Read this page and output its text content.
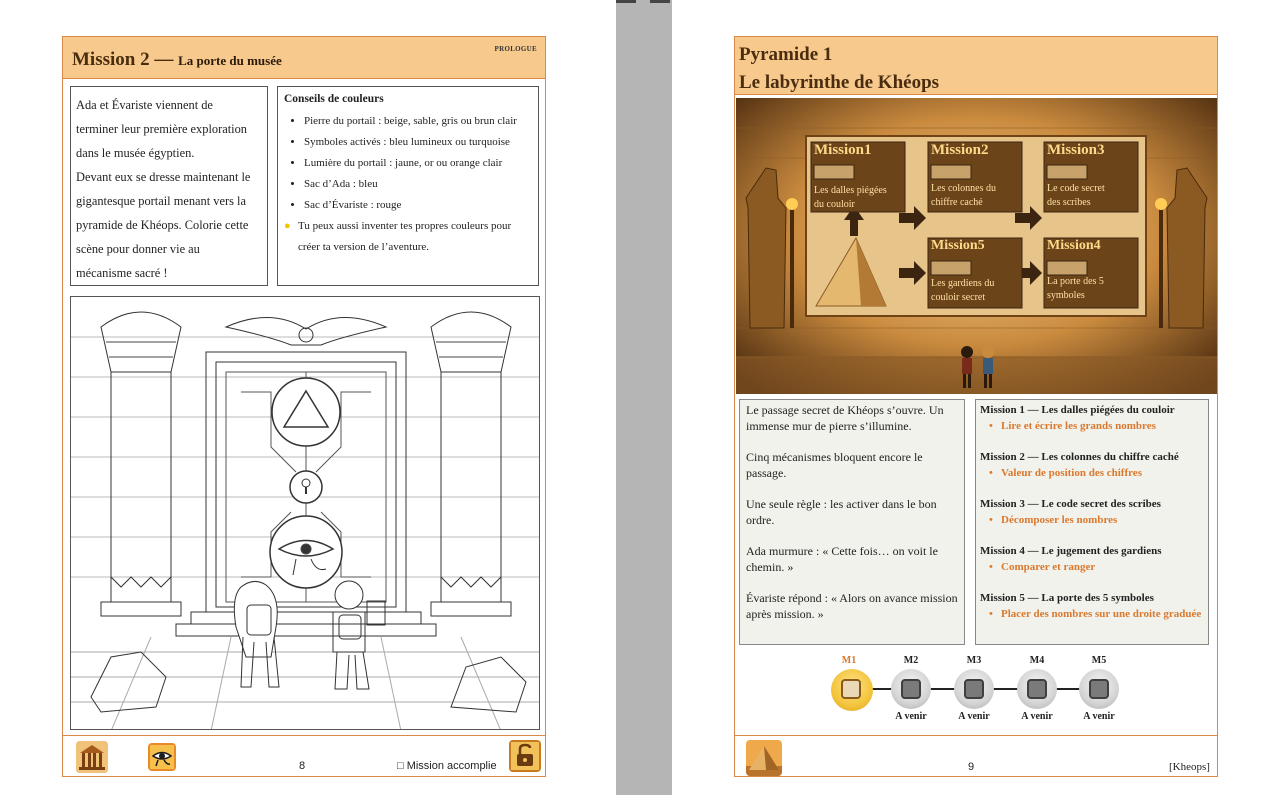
Mission 2 — La porte du musée
PROLOGUE
Ada et Évariste viennent de
terminer leur première exploration
dans le musée égyptien.
Devant eux se dresse maintenant le
gigantesque portail menant vers la
pyramide de Khéops. Colorie cette
scène pour donner vie au
mécanisme sacré !
Conseils de couleurs
• Pierre du portail : beige, sable, gris ou brun clair
• Symboles activés : bleu lumineux ou turquoise
• Lumière du portail : jaune, or ou orange clair
• Sac d’Ada : bleu
• Sac d’Évariste : rouge
● Tu peux aussi inventer tes propres couleurs pour créer ta version de l’aventure.
8	□ Mission accomplie
Pyramide 1
Le labyrinthe de Khéops
Mission1
Les dalles piégées
du couloir
Mission2
Les colonnes du
chiffre caché
Mission3
Le code secret
des scribes
Mission5
Les gardiens du
couloir secret
Mission4
La porte des 5
symboles

Le passage secret de Khéops s’ouvre. Un immense mur de pierre s’illumine.

Cinq mécanismes bloquent encore le passage.

Une seule règle : les activer dans le bon ordre.

Ada murmure : « Cette fois… on voit le chemin. »

Évariste répond : « Alors on avance mission après mission. »

Mission 1 — Les dalles piégées du couloir
• Lire et écrire les grands nombres
Mission 2 — Les colonnes du chiffre caché
• Valeur de position des chiffres
Mission 3 — Le code secret des scribes
• Décomposer les nombres
Mission 4 — Le jugement des gardiens
• Comparer et ranger
Mission 5 — La porte des 5 symboles
• Placer des nombres sur une droite graduée
M1	M2	M3	M4	M5
A venir	A venir	A venir	A venir
9	[Kheops]
